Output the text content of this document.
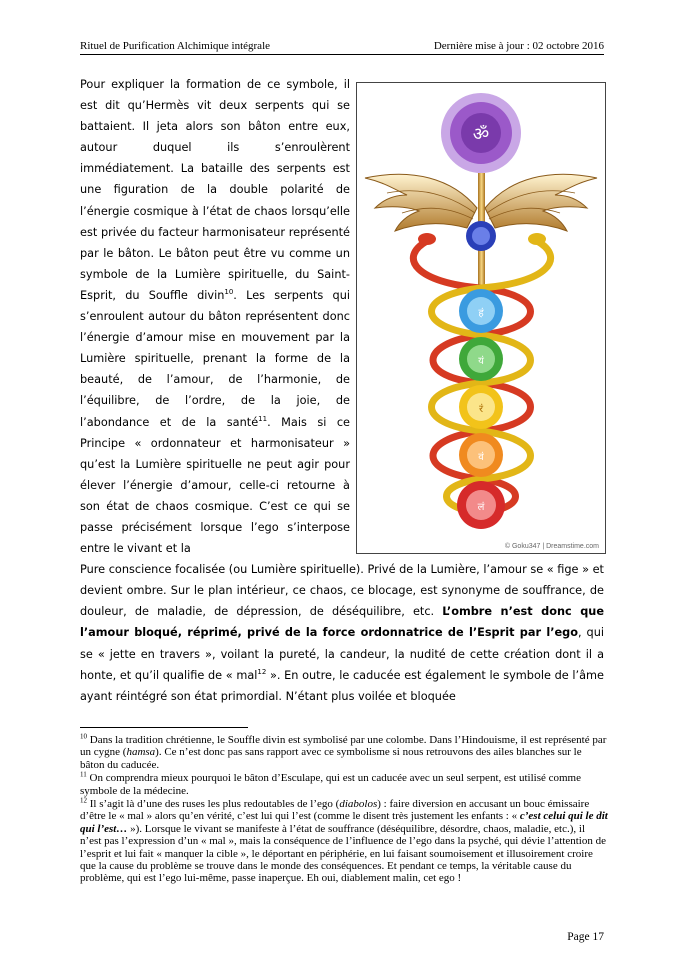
Rituel de Purification Alchimique intégrale	Dernière mise à jour : 02 octobre 2016
ॐ
हं
यं
रं
वं
लं
© Goku347 | Dreamstime.com

Pour expliquer la formation de ce symbole, il est dit qu’Hermès vit deux serpents qui se battaient. Il jeta alors son bâton entre eux, autour duquel ils s’enroulèrent immédiatement. La bataille des serpents est une figuration de la double polarité de l’énergie cosmique à l’état de chaos lorsqu’elle est privée du facteur harmonisateur représenté par le bâton. Le bâton peut être vu comme un symbole de la Lumière spirituelle, du Saint-Esprit, du Souffle divin$^{10}$. Les serpents qui s’enroulent autour du bâton représentent donc l’énergie d’amour mise en mouvement par la Lumière spirituelle, prenant la forme de la beauté, de l’amour, de l’harmonie, de l’équilibre, de l’ordre, de la joie, de l’abondance et de la santé$^{11}$. Mais si ce Principe « ordonnateur et harmonisateur » qu’est la Lumière spirituelle ne peut agir pour élever l’énergie d’amour, celle-ci retourne à son état de chaos cosmique. C’est ce qui se passe précisément lorsque l’ego s’interpose entre le vivant et la

Pure conscience focalisée (ou Lumière spirituelle). Privé de la Lumière, l’amour se « fige » et devient ombre. Sur le plan intérieur, ce chaos, ce blocage, est synonyme de souffrance, de douleur, de maladie, de dépression, de déséquilibre, etc. L’ombre n’est donc que l’amour bloqué, réprimé, privé de la force ordonnatrice de l’Esprit par l’ego, qui se « jette en travers », voilant la pureté, la candeur, la nudité de cette création dont il a honte, et qu’il qualifie de « mal$^{12}$ ». En outre, le caducée est également le symbole de l’âme ayant réintégré son état primordial. N’étant plus voilée et bloquée

$^{10}$ Dans la tradition chrétienne, le Souffle divin est symbolisé par une colombe. Dans l’Hindouisme, il est représenté par un cygne (hamsa). Ce n’est donc pas sans rapport avec ce symbolisme si nous retrouvons des ailes blanches sur le bâton du caducée.

$^{11}$ On comprendra mieux pourquoi le bâton d’Esculape, qui est un caducée avec un seul serpent, est utilisé comme symbole de la médecine.

$^{12}$ Il s’agit là d’une des ruses les plus redoutables de l’ego (diabolos) : faire diversion en accusant un bouc émissaire d’être le « mal » alors qu’en vérité, c’est lui qui l’est (comme le disent très justement les enfants : « c’est celui qui le dit qui l’est… »). Lorsque le vivant se manifeste à l’état de souffrance (déséquilibre, désordre, chaos, maladie, etc.), il n’est pas l’expression d’un « mal », mais la conséquence de l’influence de l’ego dans la psyché, qui dévie l’attention de l’esprit et lui fait « manquer la cible », le déportant en périphérie, en lui faisant soumoisement et illusoirement croire que la cause du problème se trouve dans le monde des conséquences. Et pendant ce temps, la véritable cause du problème, qui est l’ego lui-même, passe inaperçue. Eh oui, diablement malin, cet ego !

Page 17
